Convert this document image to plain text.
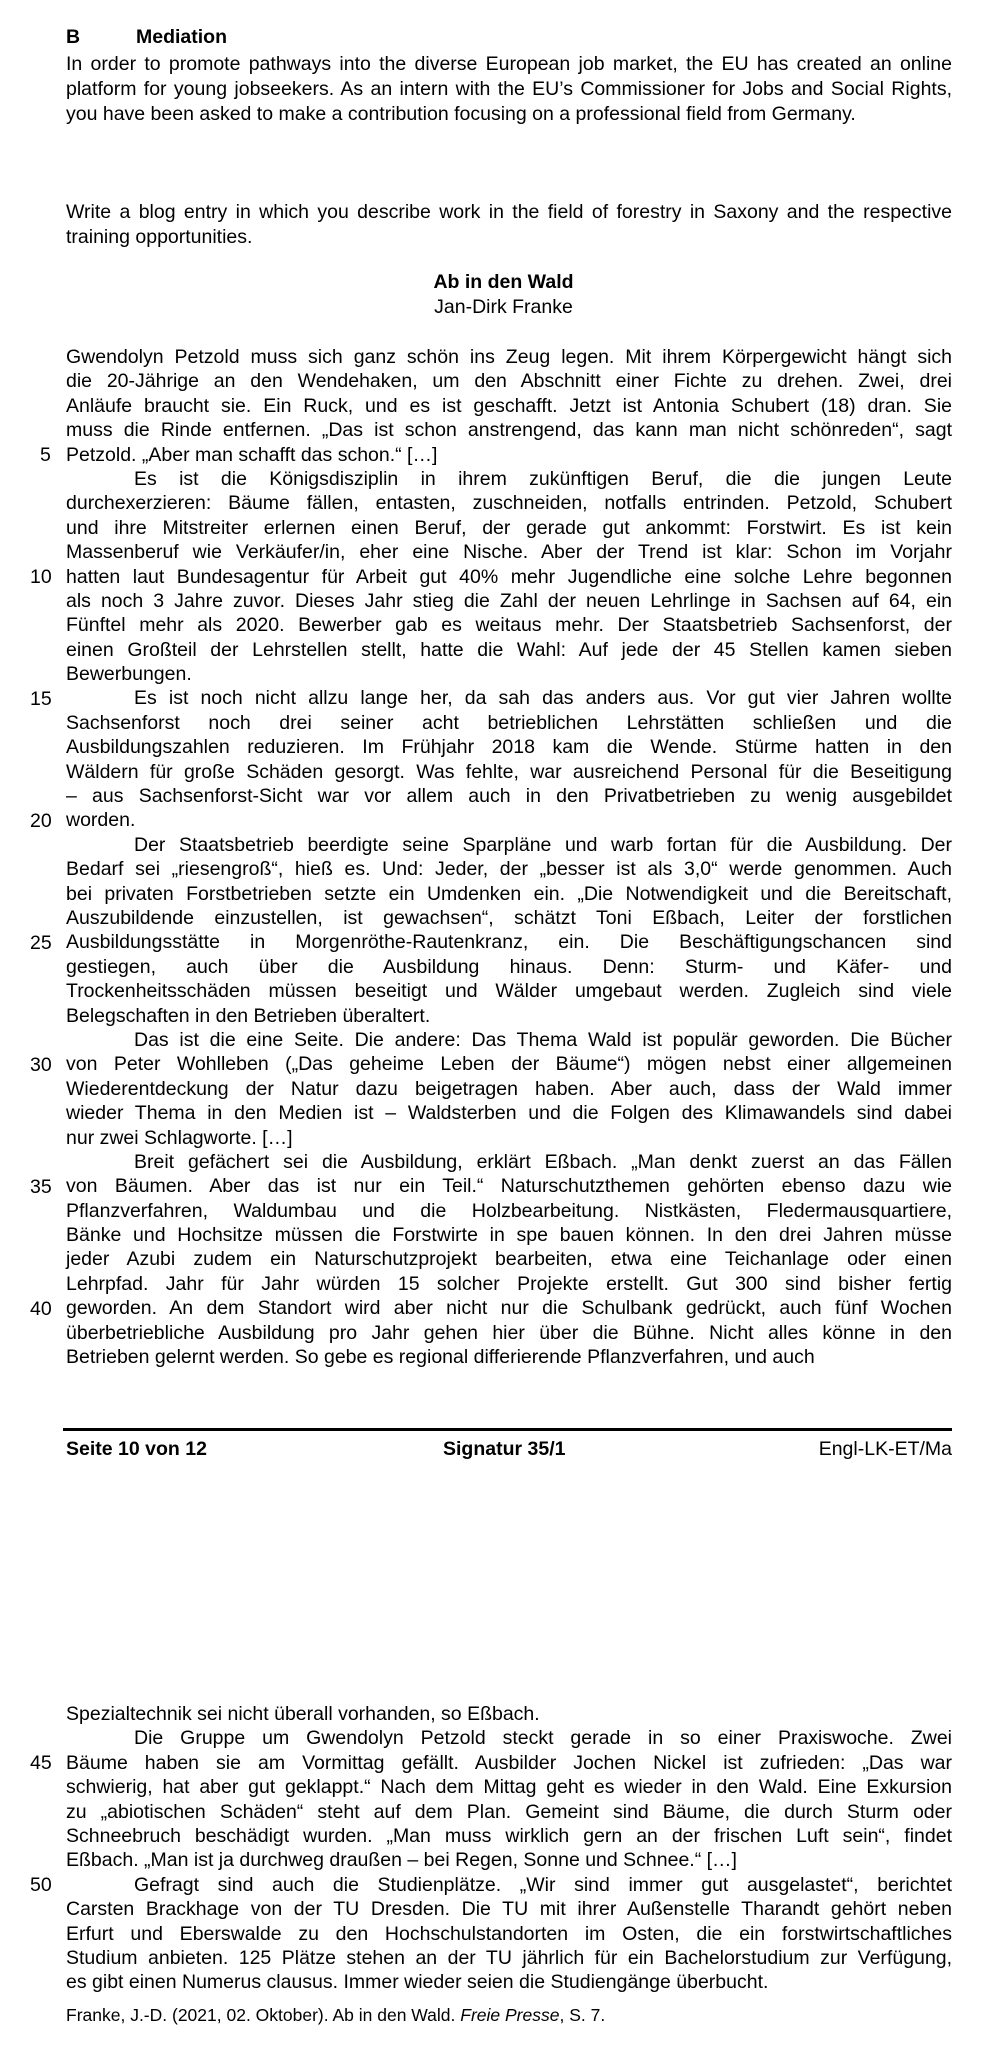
B	Mediation

In order to promote pathways into the diverse European job market, the EU has created an online platform for young jobseekers. As an intern with the EU’s Commissioner for Jobs and Social Rights, you have been asked to make a contribution focusing on a professional field from Germany.

Write a blog entry in which you describe work in the field of forestry in Saxony and the respective training opportunities.

Ab in den Wald
Jan-Dirk Franke
Gwendolyn Petzold muss sich ganz schön ins Zeug legen. Mit ihrem Körpergewicht hängt sich
die 20-Jährige an den Wendehaken, um den Abschnitt einer Fichte zu drehen. Zwei, drei
Anläufe braucht sie. Ein Ruck, und es ist geschafft. Jetzt ist Antonia Schubert (18) dran. Sie
muss die Rinde entfernen. „Das ist schon anstrengend, das kann man nicht schönreden“, sagt
Petzold. „Aber man schafft das schon.“ […]
Es ist die Königsdisziplin in ihrem zukünftigen Beruf, die die jungen Leute
durchexerzieren: Bäume fällen, entasten, zuschneiden, notfalls entrinden. Petzold, Schubert
und ihre Mitstreiter erlernen einen Beruf, der gerade gut ankommt: Forstwirt. Es ist kein
Massenberuf wie Verkäufer/in, eher eine Nische. Aber der Trend ist klar: Schon im Vorjahr
hatten laut Bundesagentur für Arbeit gut 40% mehr Jugendliche eine solche Lehre begonnen
als noch 3 Jahre zuvor. Dieses Jahr stieg die Zahl der neuen Lehrlinge in Sachsen auf 64, ein
Fünftel mehr als 2020. Bewerber gab es weitaus mehr. Der Staatsbetrieb Sachsenforst, der
einen Großteil der Lehrstellen stellt, hatte die Wahl: Auf jede der 45 Stellen kamen sieben
Bewerbungen.
Es ist noch nicht allzu lange her, da sah das anders aus. Vor gut vier Jahren wollte
Sachsenforst noch drei seiner acht betrieblichen Lehrstätten schließen und die
Ausbildungszahlen reduzieren. Im Frühjahr 2018 kam die Wende. Stürme hatten in den
Wäldern für große Schäden gesorgt. Was fehlte, war ausreichend Personal für die Beseitigung
– aus Sachsenforst-Sicht war vor allem auch in den Privatbetrieben zu wenig ausgebildet
worden.
Der Staatsbetrieb beerdigte seine Sparpläne und warb fortan für die Ausbildung. Der
Bedarf sei „riesengroß“, hieß es. Und: Jeder, der „besser ist als 3,0“ werde genommen. Auch
bei privaten Forstbetrieben setzte ein Umdenken ein. „Die Notwendigkeit und die Bereitschaft,
Auszubildende einzustellen, ist gewachsen“, schätzt Toni Eßbach, Leiter der forstlichen
Ausbildungsstätte in Morgenröthe-Rautenkranz, ein. Die Beschäftigungschancen sind
gestiegen, auch über die Ausbildung hinaus. Denn: Sturm- und Käfer- und
Trockenheitsschäden müssen beseitigt und Wälder umgebaut werden. Zugleich sind viele
Belegschaften in den Betrieben überaltert.
Das ist die eine Seite. Die andere: Das Thema Wald ist populär geworden. Die Bücher
von Peter Wohlleben („Das geheime Leben der Bäume“) mögen nebst einer allgemeinen
Wiederentdeckung der Natur dazu beigetragen haben. Aber auch, dass der Wald immer
wieder Thema in den Medien ist – Waldsterben und die Folgen des Klimawandels sind dabei
nur zwei Schlagworte. […]
Breit gefächert sei die Ausbildung, erklärt Eßbach. „Man denkt zuerst an das Fällen
von Bäumen. Aber das ist nur ein Teil.“ Naturschutzthemen gehörten ebenso dazu wie
Pflanzverfahren, Waldumbau und die Holzbearbeitung. Nistkästen, Fledermausquartiere,
Bänke und Hochsitze müssen die Forstwirte in spe bauen können. In den drei Jahren müsse
jeder Azubi zudem ein Naturschutzprojekt bearbeiten, etwa eine Teichanlage oder einen
Lehrpfad. Jahr für Jahr würden 15 solcher Projekte erstellt. Gut 300 sind bisher fertig
geworden. An dem Standort wird aber nicht nur die Schulbank gedrückt, auch fünf Wochen
überbetriebliche Ausbildung pro Jahr gehen hier über die Bühne. Nicht alles könne in den
Betrieben gelernt werden. So gebe es regional differierende Pflanzverfahren, und auch
5
10
15
20
25
30
35
40
Seite 10 von 12	Signatur 35/1	Engl-LK-ET/Ma
Spezialtechnik sei nicht überall vorhanden, so Eßbach.
Die Gruppe um Gwendolyn Petzold steckt gerade in so einer Praxiswoche. Zwei
Bäume haben sie am Vormittag gefällt. Ausbilder Jochen Nickel ist zufrieden: „Das war
schwierig, hat aber gut geklappt.“ Nach dem Mittag geht es wieder in den Wald. Eine Exkursion
zu „abiotischen Schäden“ steht auf dem Plan. Gemeint sind Bäume, die durch Sturm oder
Schneebruch beschädigt wurden. „Man muss wirklich gern an der frischen Luft sein“, findet
Eßbach. „Man ist ja durchweg draußen – bei Regen, Sonne und Schnee.“ […]
Gefragt sind auch die Studienplätze. „Wir sind immer gut ausgelastet“, berichtet
Carsten Brackhage von der TU Dresden. Die TU mit ihrer Außenstelle Tharandt gehört neben
Erfurt und Eberswalde zu den Hochschulstandorten im Osten, die ein forstwirtschaftliches
Studium anbieten. 125 Plätze stehen an der TU jährlich für ein Bachelorstudium zur Verfügung,
es gibt einen Numerus clausus. Immer wieder seien die Studiengänge überbucht.
45
50
Franke, J.-D. (2021, 02. Oktober). Ab in den Wald. Freie Presse, S. 7.
